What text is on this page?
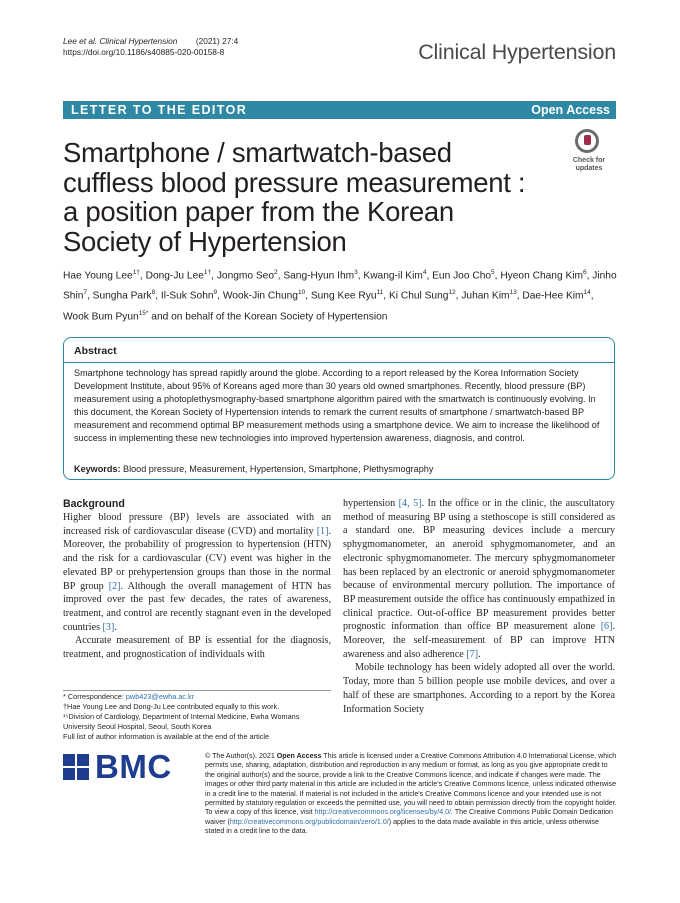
Lee et al. Clinical Hypertension (2021) 27:4
https://doi.org/10.1186/s40885-020-00158-8	Clinical Hypertension
LETTER TO THE EDITOR	Open Access
Smartphone / smartwatch-based cuffless blood pressure measurement : a position paper from the Korean Society of Hypertension
Check for updates
Hae Young Lee$^{1\dagger}$, Dong-Ju Lee$^{1\dagger}$, Jongmo Seo$^2$, Sang-Hyun Ihm$^3$, Kwang-il Kim$^4$, Eun Joo Cho$^5$, Hyeon Chang Kim$^6$, Jinho Shin$^7$, Sungha Park$^8$, Il-Suk Sohn$^9$, Wook-Jin Chung$^{10}$, Sung Kee Ryu$^{11}$, Ki Chul Sung$^{12}$, Juhan Kim$^{13}$, Dae-Hee Kim$^{14}$, Wook Bum Pyun$^{15*}$ and on behalf of the Korean Society of Hypertension
Abstract
Smartphone technology has spread rapidly around the globe. According to a report released by the Korea Information Society Development Institute, about 95% of Koreans aged more than 30 years old owned smartphones. Recently, blood pressure (BP) measurement using a photoplethysmography-based smartphone algorithm paired with the smartwatch is continuously evolving. In this document, the Korean Society of Hypertension intends to remark the current results of smartphone / smartwatch-based BP measurement and recommend optimal BP measurement methods using a smartphone device. We aim to increase the likelihood of success in implementing these new technologies into improved hypertension awareness, diagnosis, and control.
Keywords: Blood pressure, Measurement, Hypertension, Smartphone, Plethysmography
Background

Higher blood pressure (BP) levels are associated with an increased risk of cardiovascular disease (CVD) and mortality [1]. Moreover, the probability of progression to hypertension (HTN) and the risk for a cardiovascular (CV) event was higher in the elevated BP or prehypertension groups than those in the normal BP group [2]. Although the overall management of HTN has improved over the past few decades, the rates of awareness, treatment, and control are recently stagnant even in the developed countries [3].

Accurate measurement of BP is essential for the diagnosis, treatment, and prognostication of individuals with

hypertension [4, 5]. In the office or in the clinic, the auscultatory method of measuring BP using a stethoscope is still considered as a standard one. BP measuring devices include a mercury sphygmomanometer, an aneroid sphygmomanometer, and an electronic sphygmomanometer. The mercury sphygmomanometer has been replaced by an electronic or aneroid sphygmomanometer because of environmental mercury pollution. The importance of BP measurement outside the office has continuously empathized in clinical practice. Out-of-office BP measurement provides better prognostic information than office BP measurement alone [6]. Moreover, the self-measurement of BP can improve HTN awareness and also adherence [7].

Mobile technology has been widely adopted all over the world. Today, more than 5 billion people use mobile devices, and over a half of these are smartphones. According to a report by the Korea Information Society

* Correspondence: pwb423@ewha.ac.kr

†Hae Young Lee and Dong-Ju Lee contributed equally to this work.

¹⁵Division of Cardiology, Department of Internal Medicine, Ewha Womans University Seoul Hospital, Seoul, South Korea

Full list of author information is available at the end of the article

BMC	© The Author(s). 2021 Open Access This article is licensed under a Creative Commons Attribution 4.0 International License, which permits use, sharing, adaptation, distribution and reproduction in any medium or format, as long as you give appropriate credit to the original author(s) and the source, provide a link to the Creative Commons licence, and indicate if changes were made. The images or other third party material in this article are included in the article's Creative Commons licence, unless indicated otherwise in a credit line to the material. If material is not included in the article's Creative Commons licence and your intended use is not permitted by statutory regulation or exceeds the permitted use, you will need to obtain permission directly from the copyright holder. To view a copy of this licence, visit http://creativecommons.org/licenses/by/4.0/. The Creative Commons Public Domain Dedication waiver (http://creativecommons.org/publicdomain/zero/1.0/) applies to the data made available in this article, unless otherwise stated in a credit line to the data.
